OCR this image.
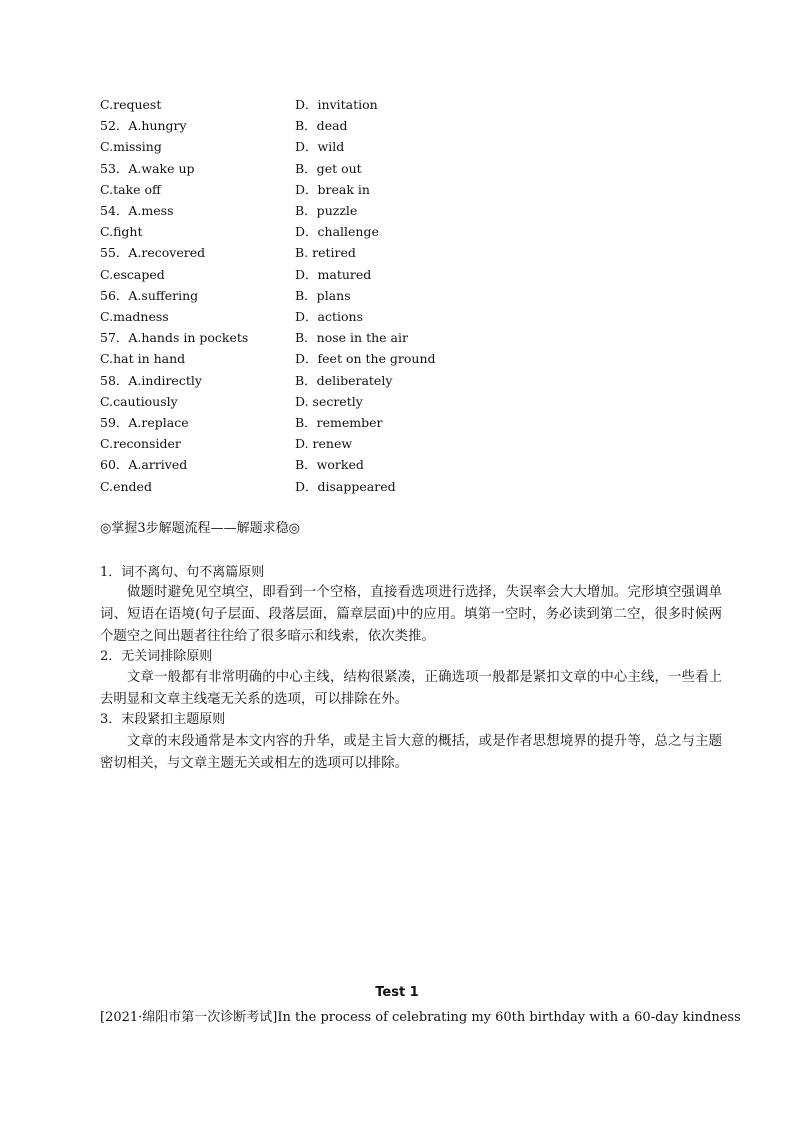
C.request	D．invitation
52．A.hungry	B．dead
C.missing	D．wild
53．A.wake up	B．get out
C.take off	D．break in
54．A.mess	B．puzzle
C.fight	D．challenge
55．A.recovered	B. retired
C.escaped	D．matured
56．A.suffering	B．plans
C.madness	D．actions
57．A.hands in pockets	B．nose in the air
C.hat in hand	D．feet on the ground
58．A.indirectly	B．deliberately
C.cautiously	D. secretly
59．A.replace	B．remember
C.reconsider	D. renew
60．A.arrived	B．worked
C.ended	D．disappeared
◎掌握3步解题流程——解题求稳◎
1．词不离句、句不离篇原则
做题时避免见空填空，即看到一个空格，直接看选项进行选择，失误率会大大增加。完形填空强调单词、短语在语境(句子层面、段落层面，篇章层面)中的应用。填第一空时，务必读到第二空，很多时候两个题空之间出题者往往给了很多暗示和线索，依次类推。
2．无关词排除原则
文章一般都有非常明确的中心主线，结构很紧凑，正确选项一般都是紧扣文章的中心主线，一些看上去明显和文章主线毫无关系的选项，可以排除在外。
3．末段紧扣主题原则
文章的末段通常是本文内容的升华，或是主旨大意的概括，或是作者思想境界的提升等，总之与主题密切相关，与文章主题无关或相左的选项可以排除。
Test 1
[2021·绵阳市第一次诊断考试]In the process of celebrating my 60th birthday with a 60-day kindness
